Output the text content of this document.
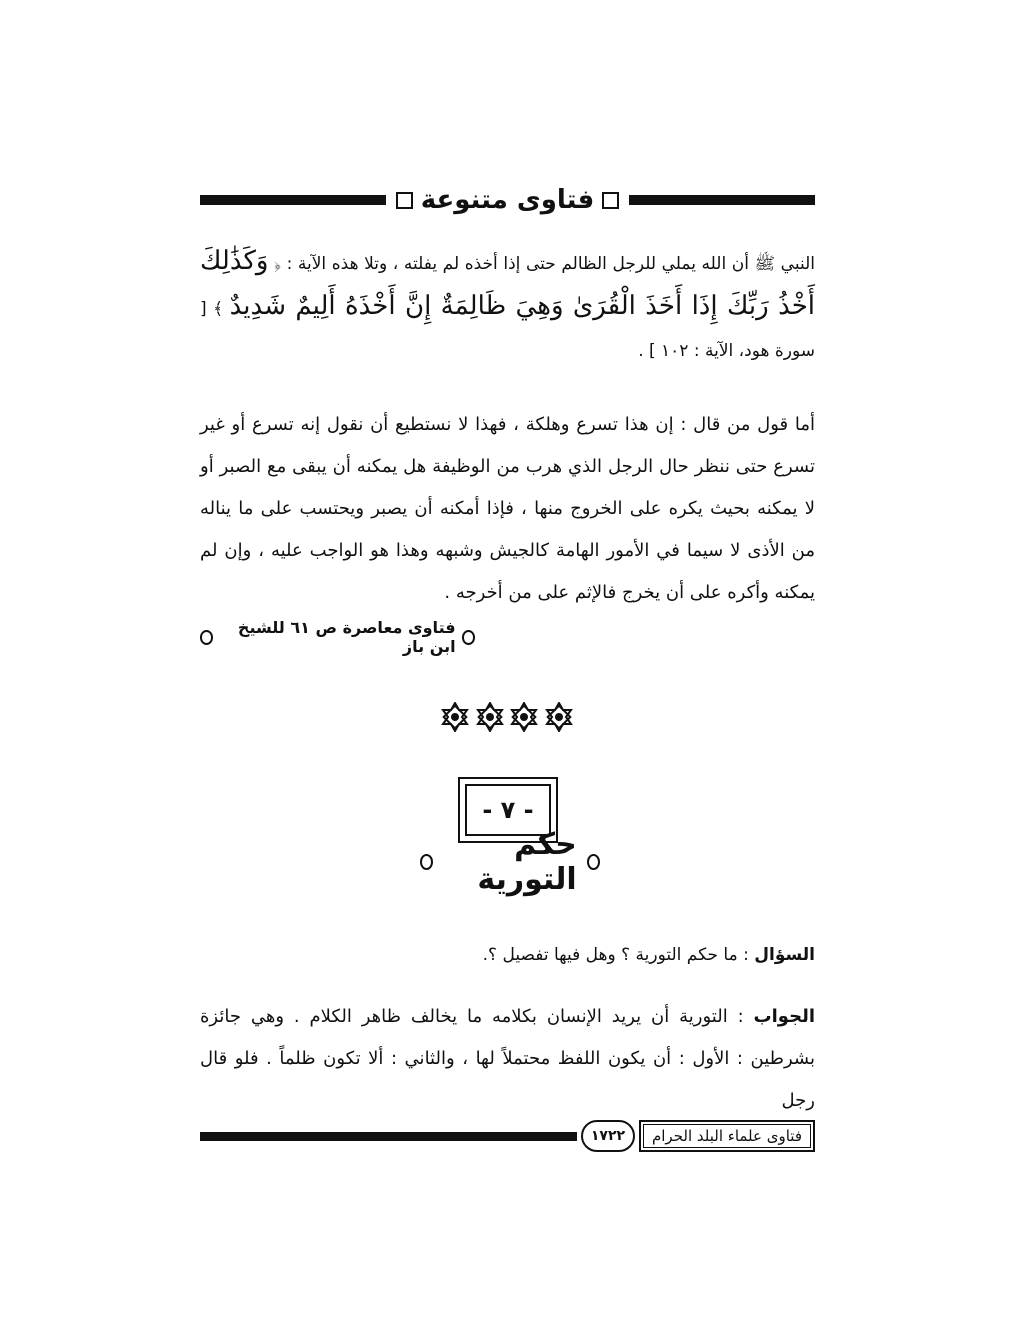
فتاوى متنوعة
النبي ﷺ أن الله يملي للرجل الظالم حتى إذا أخذه لم يفلته ، وتلا هذه الآية : ﴿ وَكَذَٰلِكَ أَخْذُ رَبِّكَ إِذَا أَخَذَ الْقُرَىٰ وَهِيَ ظَالِمَةٌ إِنَّ أَخْذَهُ أَلِيمٌ شَدِيدٌ ﴾ [ سورة هود، الآية : ١٠٢ ] .
أما قول من قال : إن هذا تسرع وهلكة ، فهذا لا نستطيع أن نقول إنه تسرع أو غير تسرع حتى ننظر حال الرجل الذي هرب من الوظيفة هل يمكنه أن يبقى مع الصبر أو لا يمكنه بحيث يكره على الخروج منها ، فإذا أمكنه أن يصبر ويحتسب على ما يناله من الأذى لا سيما في الأمور الهامة كالجيش وشبهه وهذا هو الواجب عليه ، وإن لم يمكنه وأكره على أن يخرج فالإثم على من أخرجه .
فتاوى معاصرة ص ٦١ للشيخ ابن باز
- ٧ -
حكم التورية
السؤال : ما حكم التورية ؟ وهل فيها تفصيل ؟.
الجواب : التورية أن يريد الإنسان بكلامه ما يخالف ظاهر الكلام . وهي جائزة بشرطين : الأول : أن يكون اللفظ محتملاً لها ، والثاني : ألا تكون ظلماً . فلو قال رجل
فتاوى علماء البلد الحرام
١٧٢٢
